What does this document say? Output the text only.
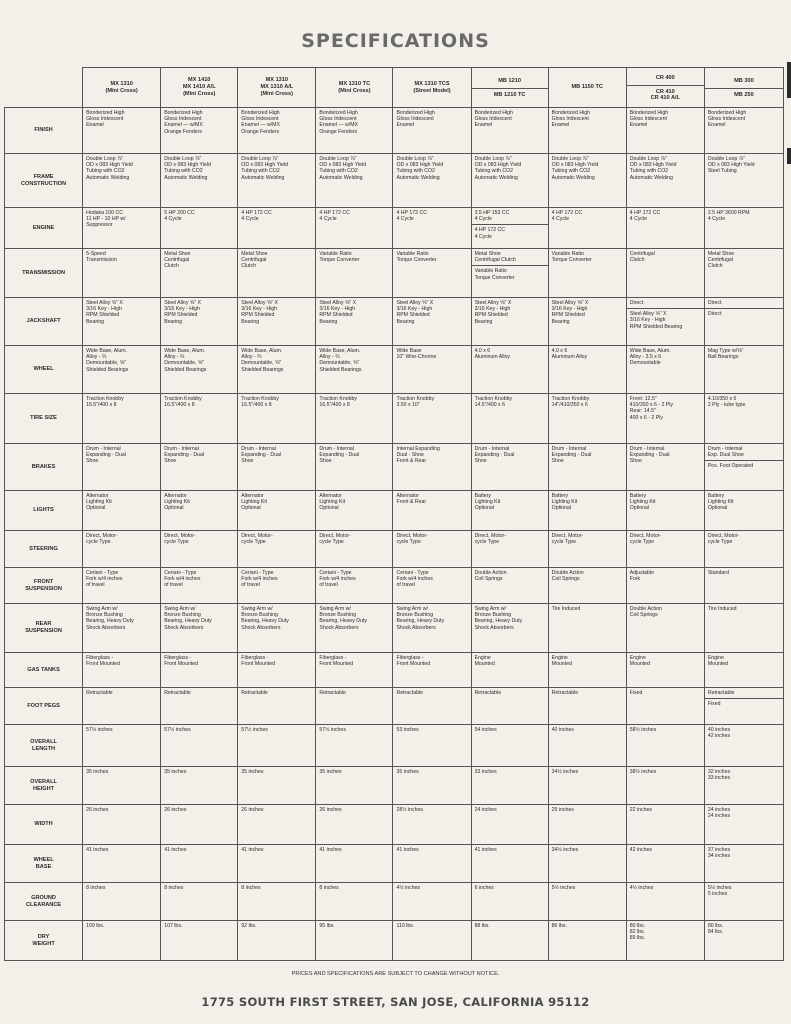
SPECIFICATIONS
	MX 1310
(Mini Cross)	MX 1410
MX 1410 A/L
(Mini Cross)	MX 1310
MX 1310 A/L
(Mini Cross)	MX 1310 TC
(Mini Cross)	MX 1310 TCS
(Street Model)	MB 1210
MB 1210 TC	MB 1150 TC	CR 400
CR 410
CR 410 A/L	MB 300
MB 250

FINISH	Bonderized High
Gloss Iridescent
Enamel	Bonderized High
Gloss Iridescent
Enamel — w/MX
Orange Fenders	Bonderized High
Gloss Iridescent
Enamel — w/MX
Orange Fenders	Bonderized High
Gloss Iridescent
Enamel — w/MX
Orange Fenders	Bonderized High
Gloss Iridescent
Enamel	Bonderized High
Gloss Iridescent
Enamel	Bonderized High
Gloss Iridescent
Enamel	Bonderized High
Gloss Iridescent
Enamel	Bonderized High
Gloss Iridescent
Enamel
FRAME
CONSTRUCTION	Double Loop ⅞"
OD x 083 High Yield
Tubing with CO2
Automatic Welding	Double Loop ⅞"
OD x 083 High Yield
Tubing with CO2
Automatic Welding	Double Loop ⅞"
OD x 083 High Yield
Tubing with CO2
Automatic Welding	Double Loop ⅞"
OD x 083 High Yield
Tubing with CO2
Automatic Welding	Double Loop ⅞"
OD x 083 High Yield
Tubing with CO2
Automatic Welding	Double Loop ⅞"
OD x 083 High Yield
Tubing with CO2
Automatic Welding	Double Loop ⅞"
OD x 083 High Yield
Tubing with CO2
Automatic Welding	Double Loop ⅞"
OD x 083 High Yield
Tubing with CO2
Automatic Welding	Double Loop ⅞"
OD x 083 High Yield
Steel Tubing
ENGINE	Hodaka 100 CC
11 HP - 10 HP w/
Suppressor	5 HP 200 CC
4 Cycle	4 HP 172 CC
4 Cycle	4 HP 172 CC
4 Cycle	4 HP 172 CC
4 Cycle	3.5 HP 153 CC
4 Cycle
4 HP 172 CC
4 Cycle	4 HP 172 CC
4 Cycle	4 HP 172 CC
4 Cycle	2.5 HP 3600 RPM
4 Cycle
TRANSMISSION	5-Speed
Transmission	Metal Shoe
Centrifugal
Clutch	Metal Shoe
Centrifugal
Clutch	Variable Ratio
Torque Converter	Variable Ratio
Torque Converter	Metal Shoe
Centrifugal Clutch
Variable Ratio
Torque Converter	Variable Ratio
Torque Converter	Centrifugal
Clutch	Metal Shoe
Centrifugal
Clutch
JACKSHAFT	Steel Alloy ⅝" X
3/16 Key - High
RPM Shielded
Bearing	Steel Alloy ⅝" X
3/16 Key - High
RPM Shielded
Bearing	Steel Alloy ⅝" X
3/16 Key - High
RPM Shielded
Bearing	Steel Alloy ⅝" X
3/16 Key - High
RPM Shielded
Bearing	Steel Alloy ⅝" X
3/16 Key - High
RPM Shielded
Bearing	Steel Alloy ⅝" X
3/16 Key - High
RPM Shielded
Bearing	Steel Alloy ⅝" X
3/16 Key - High
RPM Shielded
Bearing	Direct
Steel Alloy ⅝" X
3/16 Key - High
RPM Shielded Bearing	Direct
Direct

WHEEL	Wide Base, Alum.
Alloy - ⅔
Demountable, ⅝"
Shielded Bearings	Wide Base, Alum.
Alloy - ⅔
Demountable, ⅝"
Shielded Bearings	Wide Base, Alum.
Alloy - ⅔
Demountable, ⅝"
Shielded Bearings	Wide Base, Alum.
Alloy - ⅔
Demountable, ⅝"
Shielded Bearings	Wide Base
10" Wire-Chrome	4.0 x 6
Aluminum Alloy	4.0 x 6
Aluminum Alloy	Wide Base, Alum.
Alloy - 3.5 x 6
Demountable	Mag Type w/⅝"
Ball Bearings
TIRE SIZE	Traction Knobby
16.5"/400 x 8	Traction Knobby
16.5"/400 x 8	Traction Knobby
16.5"/400 x 8	Traction Knobby
16.5"/400 x 8	Traction Knobby
3.50 x 10"	Traction Knobby
14.5"/400 x 6	Traction Knobby
14"/410/350 x 6	Front: 12.5"
410/350 x 6 - 2 Ply
Rear: 14.5"
400 x 6 - 2 Ply	4.10/350 x 6
2 Ply - tube type
BRAKES	Drum - Internal
Expanding - Dual
Shoe	Drum - Internal
Expanding - Dual
Shoe	Drum - Internal
Expanding - Dual
Shoe	Drum - Internal
Expanding - Dual
Shoe	Internal Expanding
Dual - Shoe
Front & Rear	Drum - Internal
Expanding - Dual
Shoe	Drum - Internal
Expanding - Dual
Shoe	Drum - Internal
Expanding - Dual
Shoe	Drum - Internal
Exp. Dual Shoe
Pos. Foot Operated

LIGHTS	Alternator
Lighting Kit
Optional	Alternator
Lighting Kit
Optional	Alternator
Lighting Kit
Optional	Alternator
Lighting Kit
Optional	Alternator
Front & Rear	Battery
Lighting Kit
Optional	Battery
Lighting Kit
Optional	Battery
Lighting Kit
Optional	Battery
Lighting Kit
Optional
STEERING	Direct, Motor-
cycle Type	Direct, Motor-
cycle Type	Direct, Motor-
cycle Type	Direct, Motor-
cycle Type	Direct, Motor-
cycle Type	Direct, Motor-
cycle Type	Direct, Motor-
cycle Type	Direct, Motor-
cycle Type	Direct, Motor-
cycle Type
FRONT
SUSPENSION	Ceriani - Type
Fork w/4 inches
of travel	Ceriani - Type
Fork w/4 inches
of travel	Ceriani - Type
Fork w/4 inches
of travel	Ceriani - Type
Fork w/4 inches
of travel	Ceriani - Type
Fork w/4 inches
of travel	Double Action
Coil Springs	Double Action
Coil Springs	Adjustable
Fork	Standard
REAR
SUSPENSION	Swing Arm w/
Bronze Bushing
Bearing, Heavy Duty
Shock Absorbers	Swing Arm w/
Bronze Bushing
Bearing, Heavy Duty
Shock Absorbers	Swing Arm w/
Bronze Bushing
Bearing, Heavy Duty
Shock Absorbers	Swing Arm w/
Bronze Bushing
Bearing, Heavy Duty
Shock Absorbers	Swing Arm w/
Bronze Bushing
Bearing, Heavy Duty
Shock Absorbers	Swing Arm w/
Bronze Bushing
Bearing, Heavy Duty
Shock Absorbers	Tire Induced	Double Action
Coil Springs	Tire Induced
GAS TANKS	Fiberglass -
Front Mounted	Fiberglass -
Front Mounted	Fiberglass -
Front Mounted	Fiberglass -
Front Mounted	Fiberglass -
Front Mounted	Engine
Mounted	Engine
Mounted	Engine
Mounted	Engine
Mounted
FOOT PEGS	Retractable	Retractable	Retractable	Retractable	Retractable	Retractable	Retractable	Fixed	Retractable
Fixed

OVERALL
LENGTH	57½ inches	57½ inches	57½ inches	57½ inches	53 inches	54 inches	40 inches	58½ inches	40 inches
42 inches
OVERALL
HEIGHT	35 inches	35 inches	35 inches	35 inches	35 inches	33 inches	34½ inches	38½ inches	32 inches
33 inches
WIDTH	26 inches	26 inches	26 inches	26 inches	28½ inches	24 inches	25 inches	22 inches	24 inches
24 inches
WHEEL
BASE	41 inches	41 inches	41 inches	41 inches	41 inches	41 inches	34½ inches	42 inches	37 inches
34 inches
GROUND
CLEARANCE	8 inches	8 inches	8 inches	8 inches	4½ inches	6 inches	5½ inches	4½ inches	5½ inches
5 inches
DRY
WEIGHT	109 lbs.	107 lbs.	92 lbs.	95 lbs.	110 lbs.	88 lbs.	86 lbs.	80 lbs.
82 lbs.
89 lbs.	80 lbs.
84 lbs.
PRICES AND SPECIFICATIONS ARE SUBJECT TO CHANGE WITHOUT NOTICE.
1775 SOUTH FIRST STREET, SAN JOSE, CALIFORNIA 95112
